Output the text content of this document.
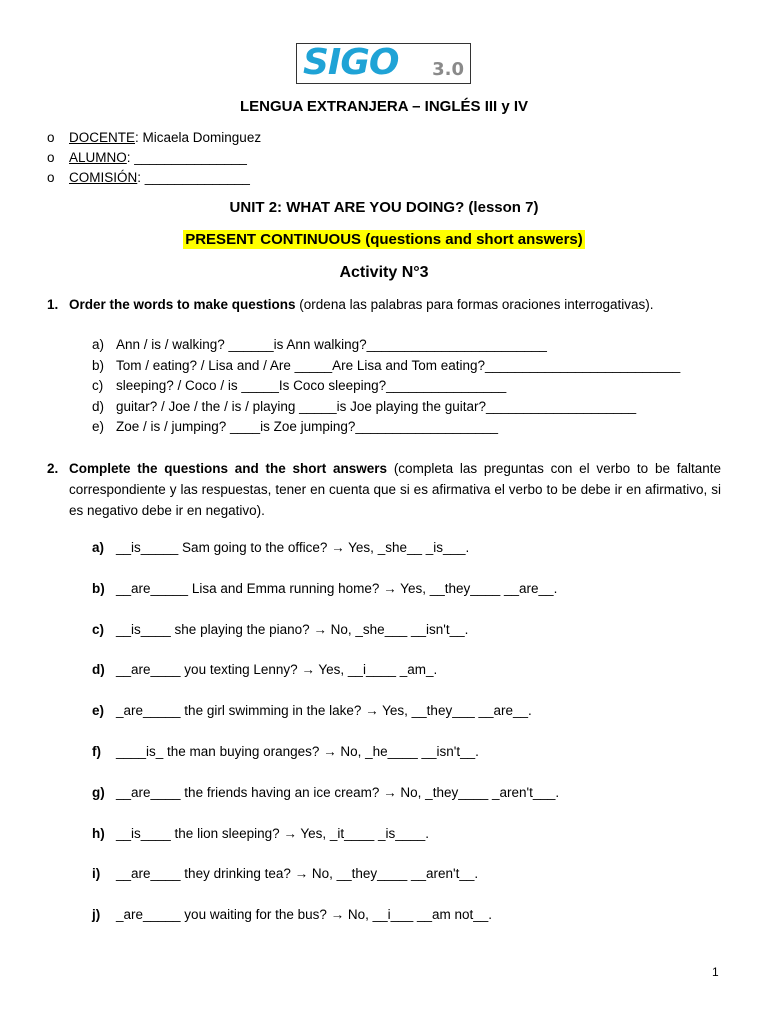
SIGO 3.0
LENGUA EXTRANJERA – INGLÉS III y IV
o	DOCENTE : Micaela Dominguez
o	ALUMNO : _______________
o	COMISIÓN : ______________
UNIT 2: WHAT ARE YOU DOING? (lesson 7)
PRESENT CONTINUOUS (questions and short answers)
Activity N°3
1. Order the words to make questions (ordena las palabras para formas oraciones interrogativas).
a) Ann / is / walking? ______is Ann walking?________________________
b) Tom / eating? / Lisa and / Are _____Are Lisa and Tom eating?__________________________
c) sleeping? / Coco / is _____Is Coco sleeping?________________
d) guitar? / Joe / the / is / playing _____is Joe playing the guitar?____________________
e) Zoe / is / jumping? ____is Zoe jumping?___________________
2. Complete the questions and the short answers (completa las preguntas con el verbo to be faltante correspondiente y las respuestas, tener en cuenta que si es afirmativa el verbo to be debe ir en afirmativo, si es negativo debe ir en negativo).
a) __is_____ Sam going to the office? → Yes, _she__ _is___.
b) __are_____ Lisa and Emma running home? → Yes, __they____ __are__.
c) __is____ she playing the piano? → No, _she___ __isn't__.
d) __are____ you texting Lenny? → Yes, __i____ _am_.
e) _are_____ the girl swimming in the lake? → Yes, __they___ __are__.
f)	____is_ the man buying oranges? → No, _he____ __isn't__.
g) __are____ the friends having an ice cream? → No, _they____ _aren't___.
h) __is____ the lion sleeping? → Yes, _it____ _is____.
i)	__are____ they drinking tea? → No, __they____ __aren't__.
j)	_are_____ you waiting for the bus? → No, __i___ __am not__.
1
